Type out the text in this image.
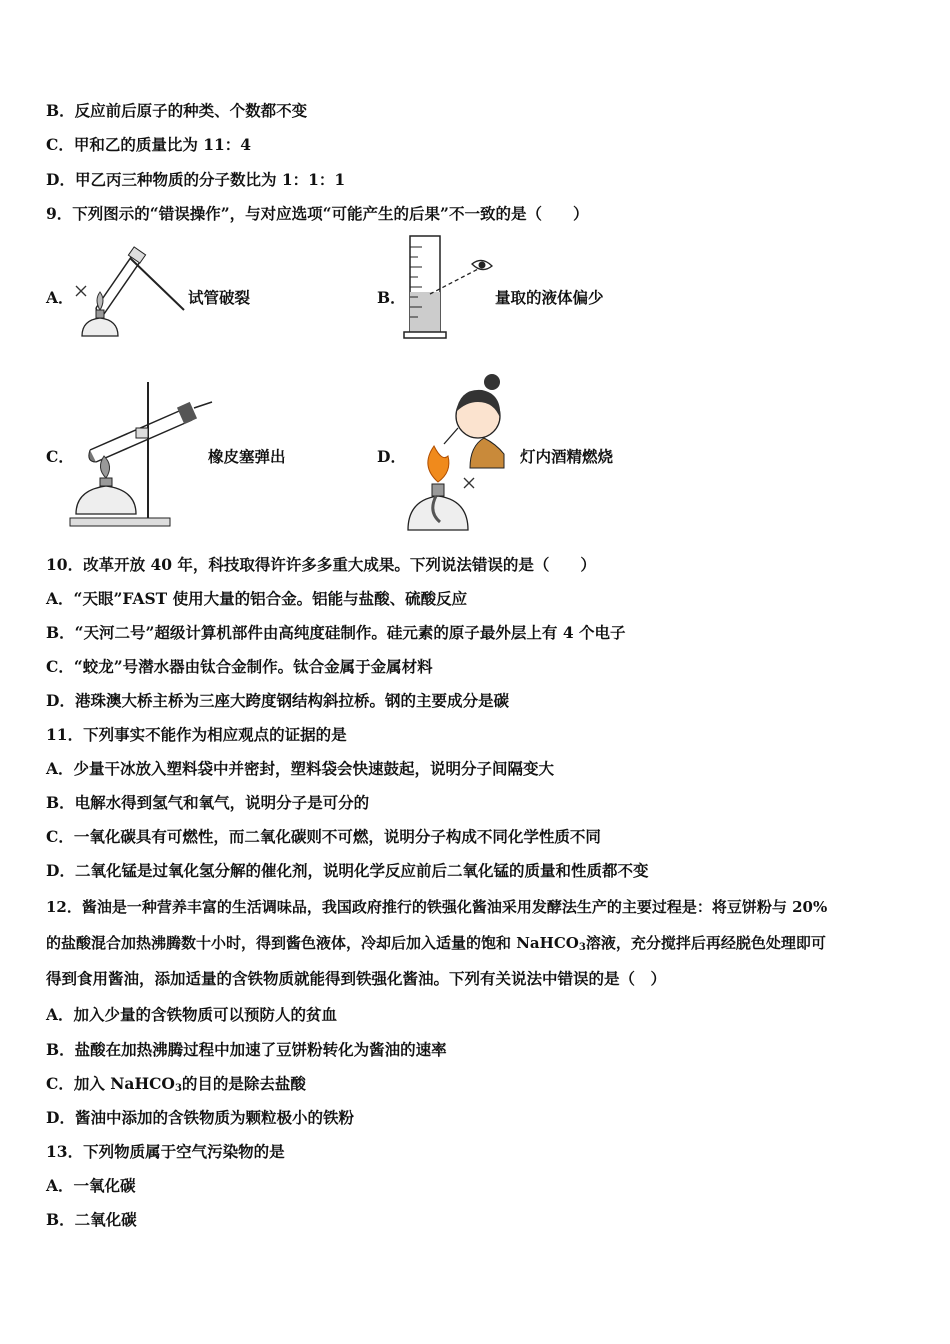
B．反应前后原子的种类、个数都不变
C．甲和乙的质量比为 11：4
D．甲乙丙三种物质的分子数比为 1：1：1
9．下列图示的“错误操作”，与对应选项“可能产生的后果”不一致的是（　　）
A．	试管破裂	B．	量取的液体偏少
C．	橡皮塞弹出	D．	灯内酒精燃烧
10．改革开放 40 年，科技取得许许多多重大成果。下列说法错误的是（　　）
A．“天眼”FAST 使用大量的铝合金。铝能与盐酸、硫酸反应
B．“天河二号”超级计算机部件由高纯度硅制作。硅元素的原子最外层上有 4 个电子
C．“蛟龙”号潜水器由钛合金制作。钛合金属于金属材料
D．港珠澳大桥主桥为三座大跨度钢结构斜拉桥。钢的主要成分是碳
11．下列事实不能作为相应观点的证据的是
A．少量干冰放入塑料袋中并密封，塑料袋会快速鼓起，说明分子间隔变大
B．电解水得到氢气和氧气，说明分子是可分的
C．一氧化碳具有可燃性，而二氧化碳则不可燃，说明分子构成不同化学性质不同
D．二氧化锰是过氧化氢分解的催化剂，说明化学反应前后二氧化锰的质量和性质都不变
12．酱油是一种营养丰富的生活调味品，我国政府推行的铁强化酱油采用发酵法生产的主要过程是：将豆饼粉与 20%
的盐酸混合加热沸腾数十小时，得到酱色液体，冷却后加入适量的饱和 NaHCO$_3$溶液，充分搅拌后再经脱色处理即可
得到食用酱油，添加适量的含铁物质就能得到铁强化酱油。下列有关说法中错误的是（　）
A．加入少量的含铁物质可以预防人的贫血
B．盐酸在加热沸腾过程中加速了豆饼粉转化为酱油的速率
C．加入 NaHCO$_3$的目的是除去盐酸
D．酱油中添加的含铁物质为颗粒极小的铁粉
13．下列物质属于空气污染物的是
A．一氧化碳
B．二氧化碳
